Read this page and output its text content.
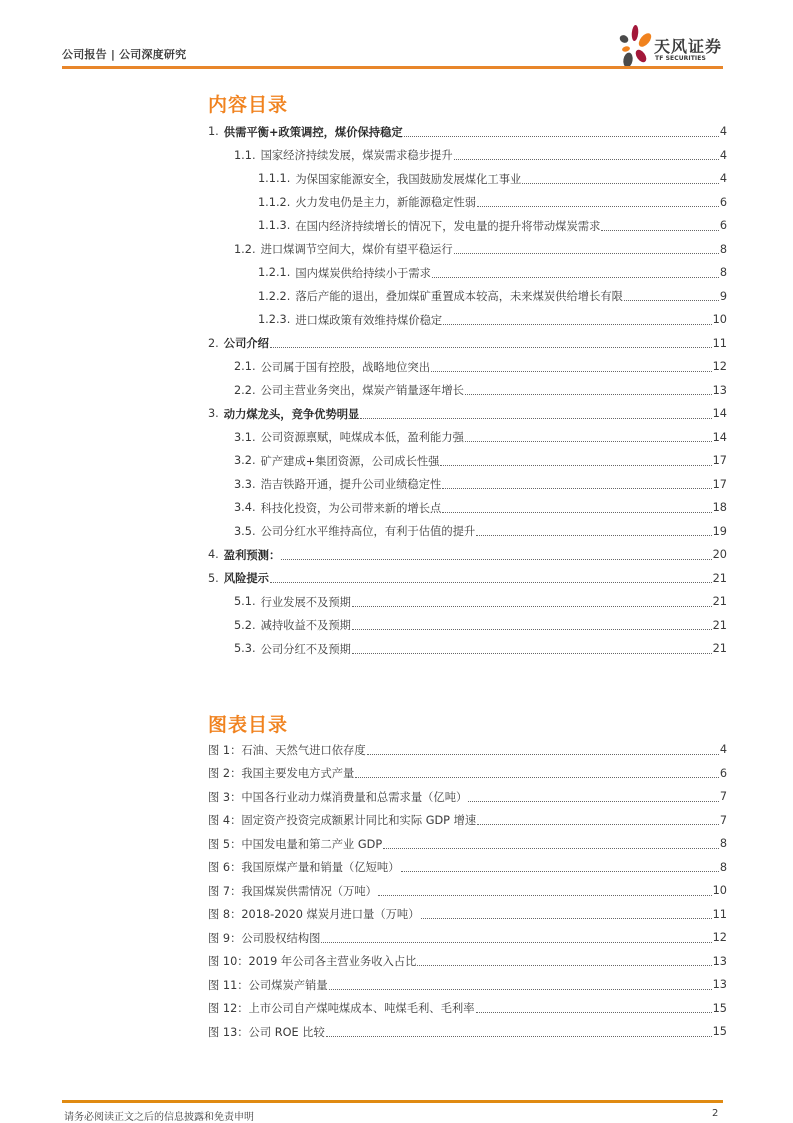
公司报告 | 公司深度研究	天风证券
TF SECURITIES
内容目录
1. 供需平衡+政策调控，煤价保持稳定	4
1.1. 国家经济持续发展，煤炭需求稳步提升	4
1.1.1. 为保国家能源安全，我国鼓励发展煤化工事业	4
1.1.2. 火力发电仍是主力，新能源稳定性弱	6
1.1.3. 在国内经济持续增长的情况下，发电量的提升将带动煤炭需求	6
1.2. 进口煤调节空间大，煤价有望平稳运行	8
1.2.1. 国内煤炭供给持续小于需求	8
1.2.2. 落后产能的退出，叠加煤矿重置成本较高，未来煤炭供给增长有限	9
1.2.3. 进口煤政策有效维持煤价稳定	10
2. 公司介绍	11
2.1. 公司属于国有控股，战略地位突出	12
2.2. 公司主营业务突出，煤炭产销量逐年增长	13
3. 动力煤龙头，竞争优势明显	14
3.1. 公司资源禀赋，吨煤成本低，盈利能力强	14
3.2. 矿产建成+集团资源，公司成长性强	17
3.3. 浩吉铁路开通，提升公司业绩稳定性	17
3.4. 科技化投资，为公司带来新的增长点	18
3.5. 公司分红水平维持高位，有利于估值的提升	19
4. 盈利预测：	20
5. 风险提示	21
5.1. 行业发展不及预期	21
5.2. 减持收益不及预期	21
5.3. 公司分红不及预期	21
图表目录
图 1：石油、天然气进口依存度	4
图 2：我国主要发电方式产量	6
图 3：中国各行业动力煤消费量和总需求量（亿吨）	7
图 4：固定资产投资完成额累计同比和实际 GDP 增速	7
图 5：中国发电量和第二产业 GDP	8
图 6：我国原煤产量和销量（亿短吨）	8
图 7：我国煤炭供需情况（万吨）	10
图 8：2018-2020 煤炭月进口量（万吨）	11
图 9：公司股权结构图	12
图 10：2019 年公司各主营业务收入占比	13
图 11：公司煤炭产销量	13
图 12：上市公司自产煤吨煤成本、吨煤毛利、毛利率	15
图 13：公司 ROE 比较	15
请务必阅读正文之后的信息披露和免责申明	2
